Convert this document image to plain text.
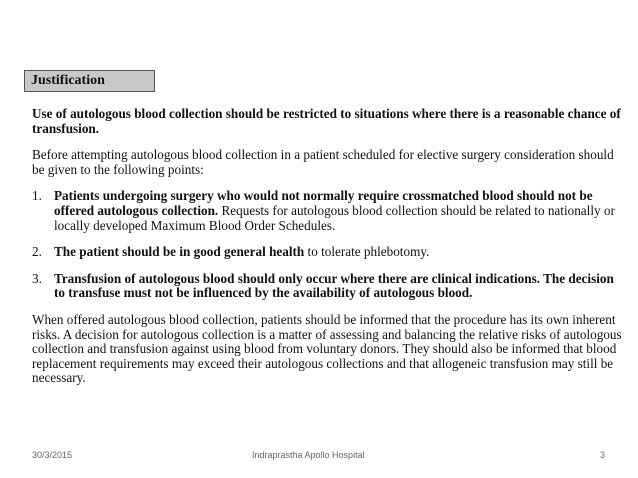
Justification

Use of autologous blood collection should be restricted to situations where there is a reasonable chance of transfusion.

Before attempting autologous blood collection in a patient scheduled for elective surgery consideration should be given to the following points:

1. Patients undergoing surgery who would not normally require crossmatched blood should not be offered autologous collection. Requests for autologous blood collection should be related to nationally or locally developed Maximum Blood Order Schedules.
2. The patient should be in good general health to tolerate phlebotomy.
3. Transfusion of autologous blood should only occur where there are clinical indications. The decision to transfuse must not be influenced by the availability of autologous blood.

When offered autologous blood collection, patients should be informed that the procedure has its own inherent risks. A decision for autologous collection is a matter of assessing and balancing the relative risks of autologous collection and transfusion against using blood from voluntary donors. They should also be informed that blood replacement requirements may exceed their autologous collections and that allogeneic transfusion may still be necessary.

30/3/2015	Indraprastha Apollo Hospital	3
